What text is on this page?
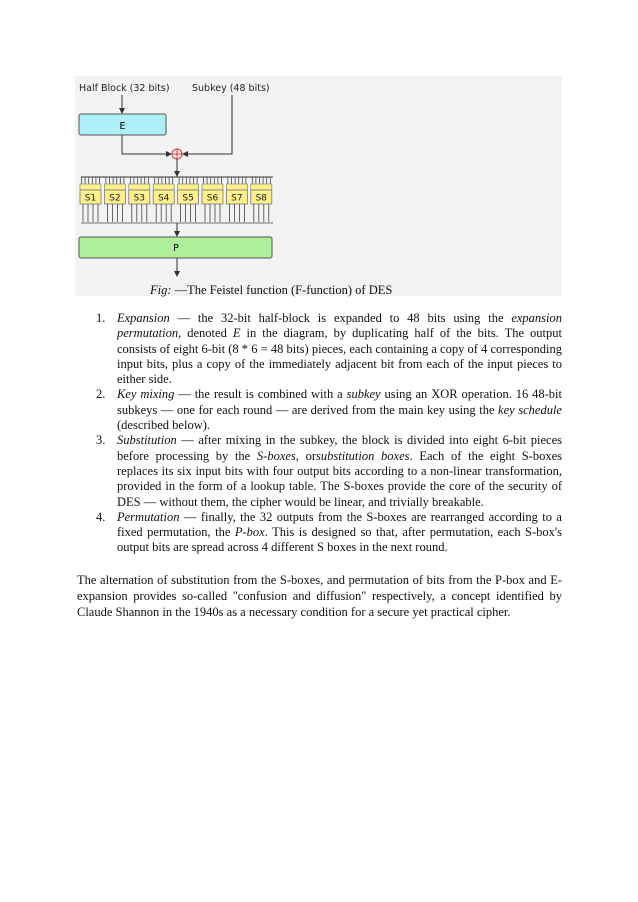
Half Block (32 bits) Subkey (48 bits)
E
S1 S2 S3 S4 S5 S6 S7 S8
P
Fig: —The Feistel function (F-function) of DES
1. Expansion — the 32-bit half-block is expanded to 48 bits using the expansion permutation, denoted E in the diagram, by duplicating half of the bits. The output consists of eight 6-bit (8 * 6 = 48 bits) pieces, each containing a copy of 4 corresponding input bits, plus a copy of the immediately adjacent bit from each of the input pieces to either side.
2. Key mixing — the result is combined with a subkey using an XOR operation. 16 48-bit subkeys — one for each round — are derived from the main key using the key schedule (described below).
3. Substitution — after mixing in the subkey, the block is divided into eight 6-bit pieces before processing by the S-boxes, orsubstitution boxes. Each of the eight S-boxes replaces its six input bits with four output bits according to a non-linear transformation, provided in the form of a lookup table. The S-boxes provide the core of the security of DES — without them, the cipher would be linear, and trivially breakable.
4. Permutation — finally, the 32 outputs from the S-boxes are rearranged according to a fixed permutation, the P-box. This is designed so that, after permutation, each S-box's output bits are spread across 4 different S boxes in the next round.

The alternation of substitution from the S-boxes, and permutation of bits from the P-box and E-expansion provides so-called "confusion and diffusion" respectively, a concept identified by Claude Shannon in the 1940s as a necessary condition for a secure yet practical cipher.
